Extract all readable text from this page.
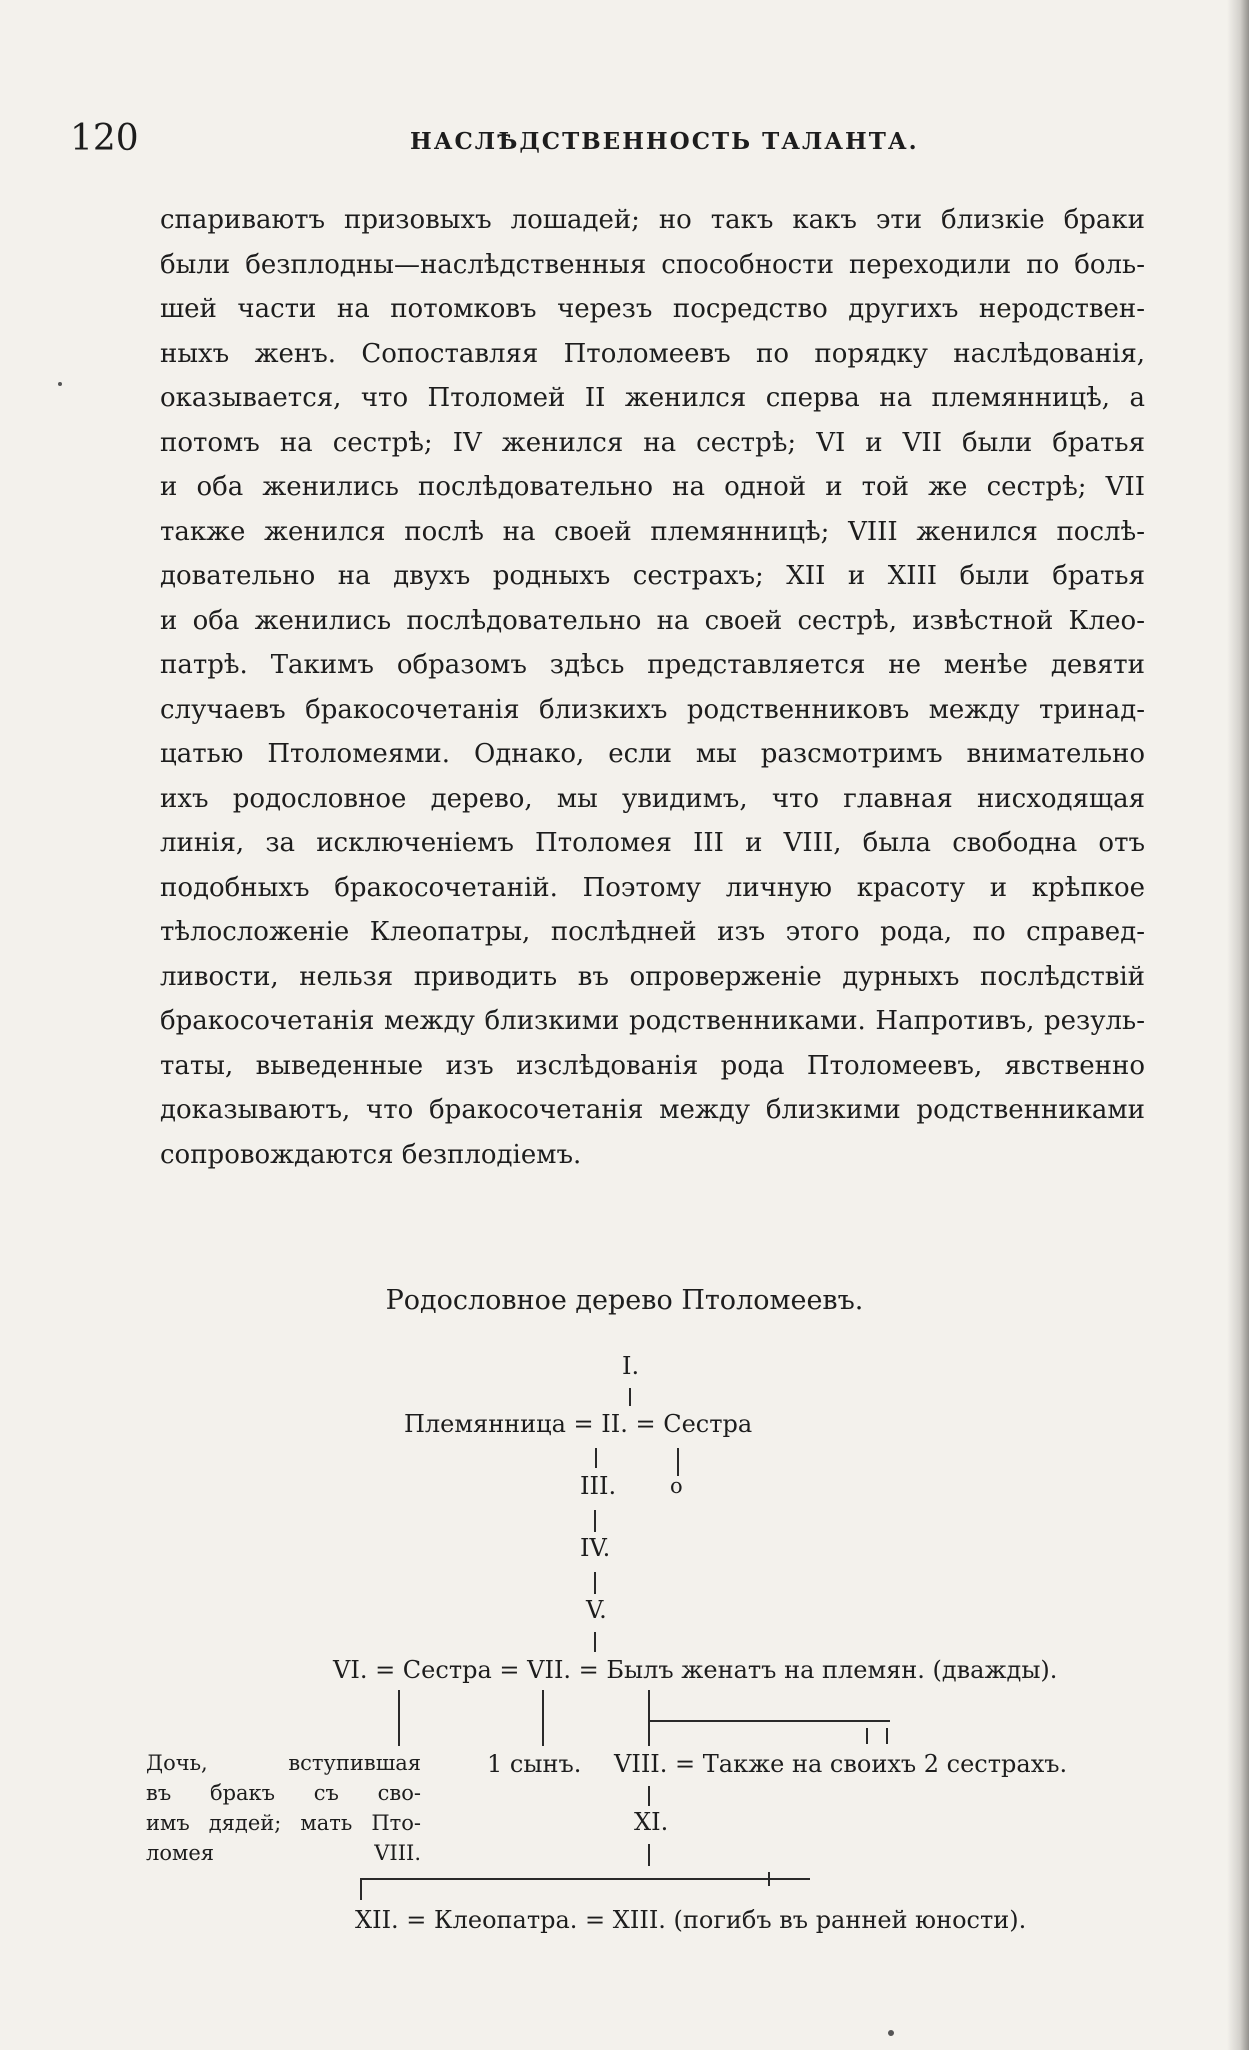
120	НАСЛѢДСТВЕННОСТЬ ТАЛАНТА.
спариваютъ призовыхъ лошадей; но такъ какъ эти близкіе браки
были безплодны—наслѣдственныя способности переходили по боль-
шей части на потомковъ черезъ посредство другихъ неродствен-
ныхъ женъ. Сопоставляя Птоломеевъ по порядку наслѣдованія,
оказывается, что Птоломей II женился сперва на племянницѣ, а
потомъ на сестрѣ; IV женился на сестрѣ; VI и VII были братья
и оба женились послѣдовательно на одной и той же сестрѣ; VII
также женился послѣ на своей племянницѣ; VIII женился послѣ-
довательно на двухъ родныхъ сестрахъ; XII и XIII были братья
и оба женились послѣдовательно на своей сестрѣ, извѣстной Клео-
патрѣ. Такимъ образомъ здѣсь представляется не менѣе девяти
случаевъ бракосочетанія близкихъ родственниковъ между тринад-
цатью Птоломеями. Однако, если мы разсмотримъ внимательно
ихъ родословное дерево, мы увидимъ, что главная нисходящая
линія, за исключеніемъ Птоломея III и VIII, была свободна отъ
подобныхъ бракосочетаній. Поэтому личную красоту и крѣпкое
тѣлосложеніе Клеопатры, послѣдней изъ этого рода, по справед-
ливости, нельзя приводить въ опроверженіе дурныхъ послѣдствій
бракосочетанія между близкими родственниками. Напротивъ, резуль-
таты, выведенные изъ изслѣдованія рода Птоломеевъ, явственно
доказываютъ, что бракосочетанія между близкими родственниками
сопровождаются безплодіемъ.
Родословное дерево Птоломеевъ.
I.
Племянница = II. = Сестра
III.	o
IV.
V.
VI. = Сестра = VII. = Былъ женатъ на племян. (дважды).
Дочь, вступившая
въ бракъ съ сво-
имъ дядей; мать Пто-
ломея VIII.
1 сынъ. VIII. = Также на своихъ 2 сестрахъ.
XI.
XII. = Клеопатра. = XIII. (погибъ въ ранней юности).
